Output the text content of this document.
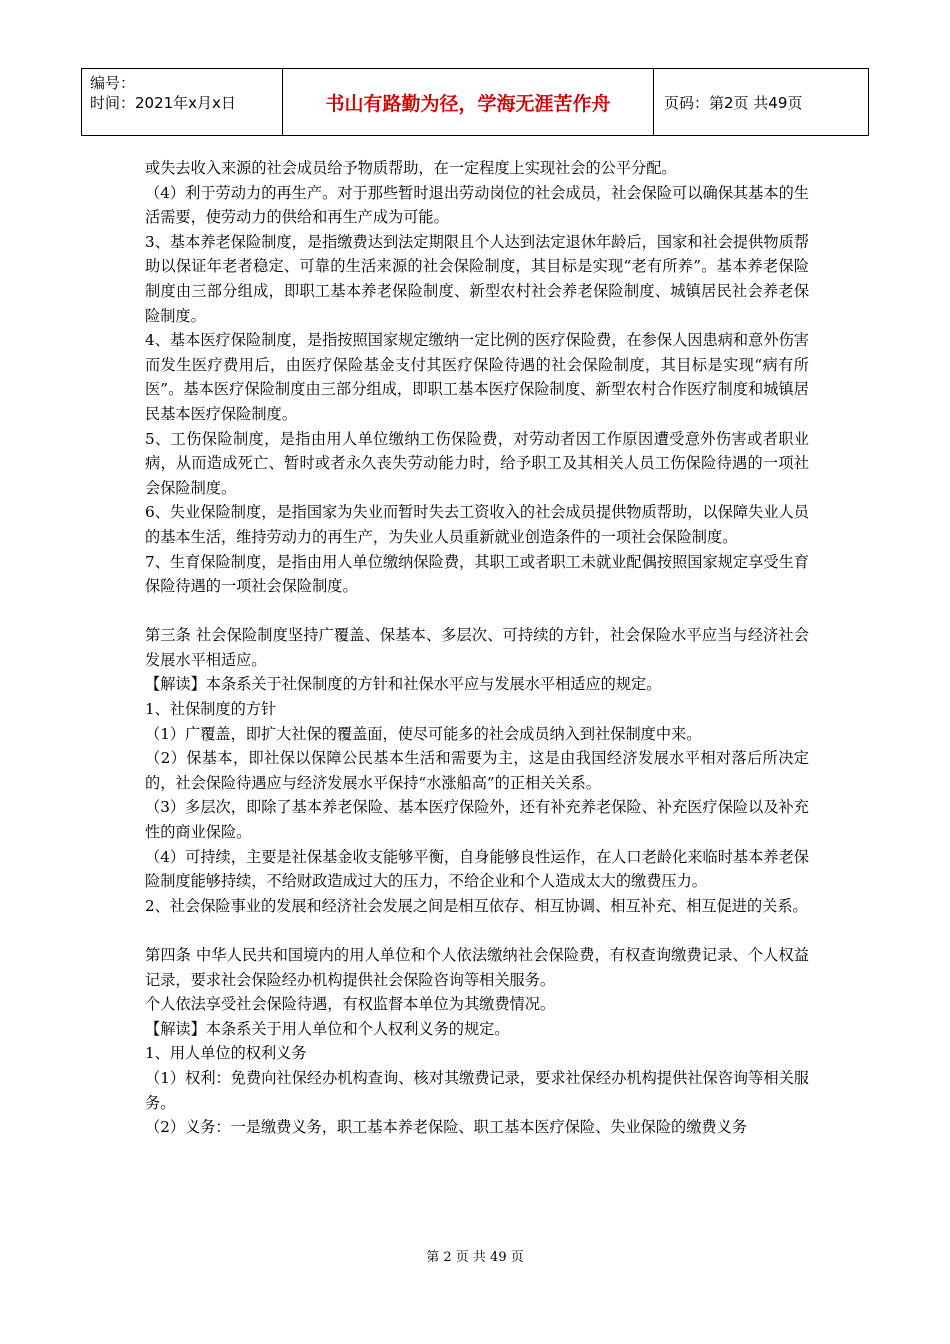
编号：
时间：2021年x月x日	书山有路勤为径，学海无涯苦作舟	页码：第2页 共49页

或失去收入来源的社会成员给予物质帮助，在一定程度上实现社会的公平分配。

（4）利于劳动力的再生产。对于那些暂时退出劳动岗位的社会成员，社会保险可以确保其基本的生活需要，使劳动力的供给和再生产成为可能。

3、基本养老保险制度，是指缴费达到法定期限且个人达到法定退休年龄后，国家和社会提供物质帮助以保证年老者稳定、可靠的生活来源的社会保险制度，其目标是实现“老有所养”。基本养老保险制度由三部分组成，即职工基本养老保险制度、新型农村社会养老保险制度、城镇居民社会养老保险制度。

4、基本医疗保险制度，是指按照国家规定缴纳一定比例的医疗保险费，在参保人因患病和意外伤害而发生医疗费用后，由医疗保险基金支付其医疗保险待遇的社会保险制度，其目标是实现“病有所医”。基本医疗保险制度由三部分组成，即职工基本医疗保险制度、新型农村合作医疗制度和城镇居民基本医疗保险制度。

5、工伤保险制度，是指由用人单位缴纳工伤保险费，对劳动者因工作原因遭受意外伤害或者职业病，从而造成死亡、暂时或者永久丧失劳动能力时，给予职工及其相关人员工伤保险待遇的一项社会保险制度。

6、失业保险制度，是指国家为失业而暂时失去工资收入的社会成员提供物质帮助，以保障失业人员的基本生活，维持劳动力的再生产，为失业人员重新就业创造条件的一项社会保险制度。

7、生育保险制度，是指由用人单位缴纳保险费，其职工或者职工未就业配偶按照国家规定享受生育保险待遇的一项社会保险制度。

第三条 社会保险制度坚持广覆盖、保基本、多层次、可持续的方针，社会保险水平应当与经济社会发展水平相适应。

【解读】本条系关于社保制度的方针和社保水平应与发展水平相适应的规定。

1、社保制度的方针

（1）广覆盖，即扩大社保的覆盖面，使尽可能多的社会成员纳入到社保制度中来。

（2）保基本，即社保以保障公民基本生活和需要为主，这是由我国经济发展水平相对落后所决定的，社会保险待遇应与经济发展水平保持“水涨船高”的正相关关系。

（3）多层次，即除了基本养老保险、基本医疗保险外，还有补充养老保险、补充医疗保险以及补充性的商业保险。

（4）可持续，主要是社保基金收支能够平衡，自身能够良性运作，在人口老龄化来临时基本养老保险制度能够持续，不给财政造成过大的压力，不给企业和个人造成太大的缴费压力。

2、社会保险事业的发展和经济社会发展之间是相互依存、相互协调、相互补充、相互促进的关系。

第四条 中华人民共和国境内的用人单位和个人依法缴纳社会保险费，有权查询缴费记录、个人权益记录，要求社会保险经办机构提供社会保险咨询等相关服务。

个人依法享受社会保险待遇，有权监督本单位为其缴费情况。

【解读】本条系关于用人单位和个人权利义务的规定。

1、用人单位的权利义务

（1）权利：免费向社保经办机构查询、核对其缴费记录，要求社保经办机构提供社保咨询等相关服务。

（2）义务：一是缴费义务，职工基本养老保险、职工基本医疗保险、失业保险的缴费义务

第 2 页 共 49 页
